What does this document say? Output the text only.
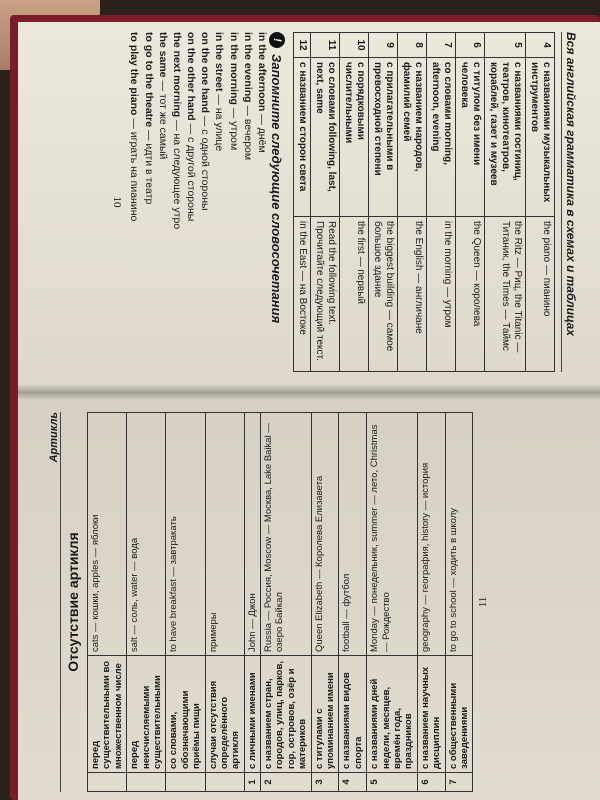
Вся английская грамматика в схемах и таблицах
4	с названиями музыкальных инструментов	the piano — пианино
5	с названиями гостиниц, театров, кинотеатров, кораблей, газет и музеев	the Ritz — Риц, the Titanic — Титаник, the Times — Таймс
6	с титулом без имени человека	the Queen — королева
7	со словами morning, afternoon, evening	in the morning — утром
8	с названием народов, фамилий семей	the English — англичане
9	с прилагательными в превосходной степени	the biggest building — самое большое здание
10	с порядковыми числительными	the first — первый
11	со словами following, last, next, same	Read the following text. Прочитайте следующий текст.
12	с названием сторон света	in the East — на Востоке
!
Запомните следующие словосочетания
in the afternoon — днём
in the evening — вечером
in the morning — утром
in the street — на улице
on the one hand — с одной стороны
on the other hand — с другой стороны
the next morning — на следующее утро
the same — тот же самый
to go to the theatre — идти в театр
to play the piano — играть на пианино
10
Артикль
Отсутствие артикля
	перед существительными во множественном числе	cats — кошки, apples — яблоки
	перед неисчисляемыми существительными	salt — соль, water — вода
	со словами, обозначающими приёмы пищи	to have breakfast — завтракать
	случаи отсутствия определённого артикля	примеры
1	с личными именами	John — Джон
2	с названием стран, городов, улиц, парков, гор, островов, озёр и материков	Russia — Россия, Moscow — Москва, Lake Baikal — озеро Байкал
3	с титулами с упоминанием имени	Queen Elizabeth — Королева Елизавета
4	с названиями видов спорта	football — футбол
5	с названиями дней недели, месяцев, времён года, праздников	Monday — понедельник, summer — лето, Christmas — Рождество
6	с названием научных дисциплин	geography — география, history — история
7	с общественными заведениями	to go to school — ходить в школу 11
